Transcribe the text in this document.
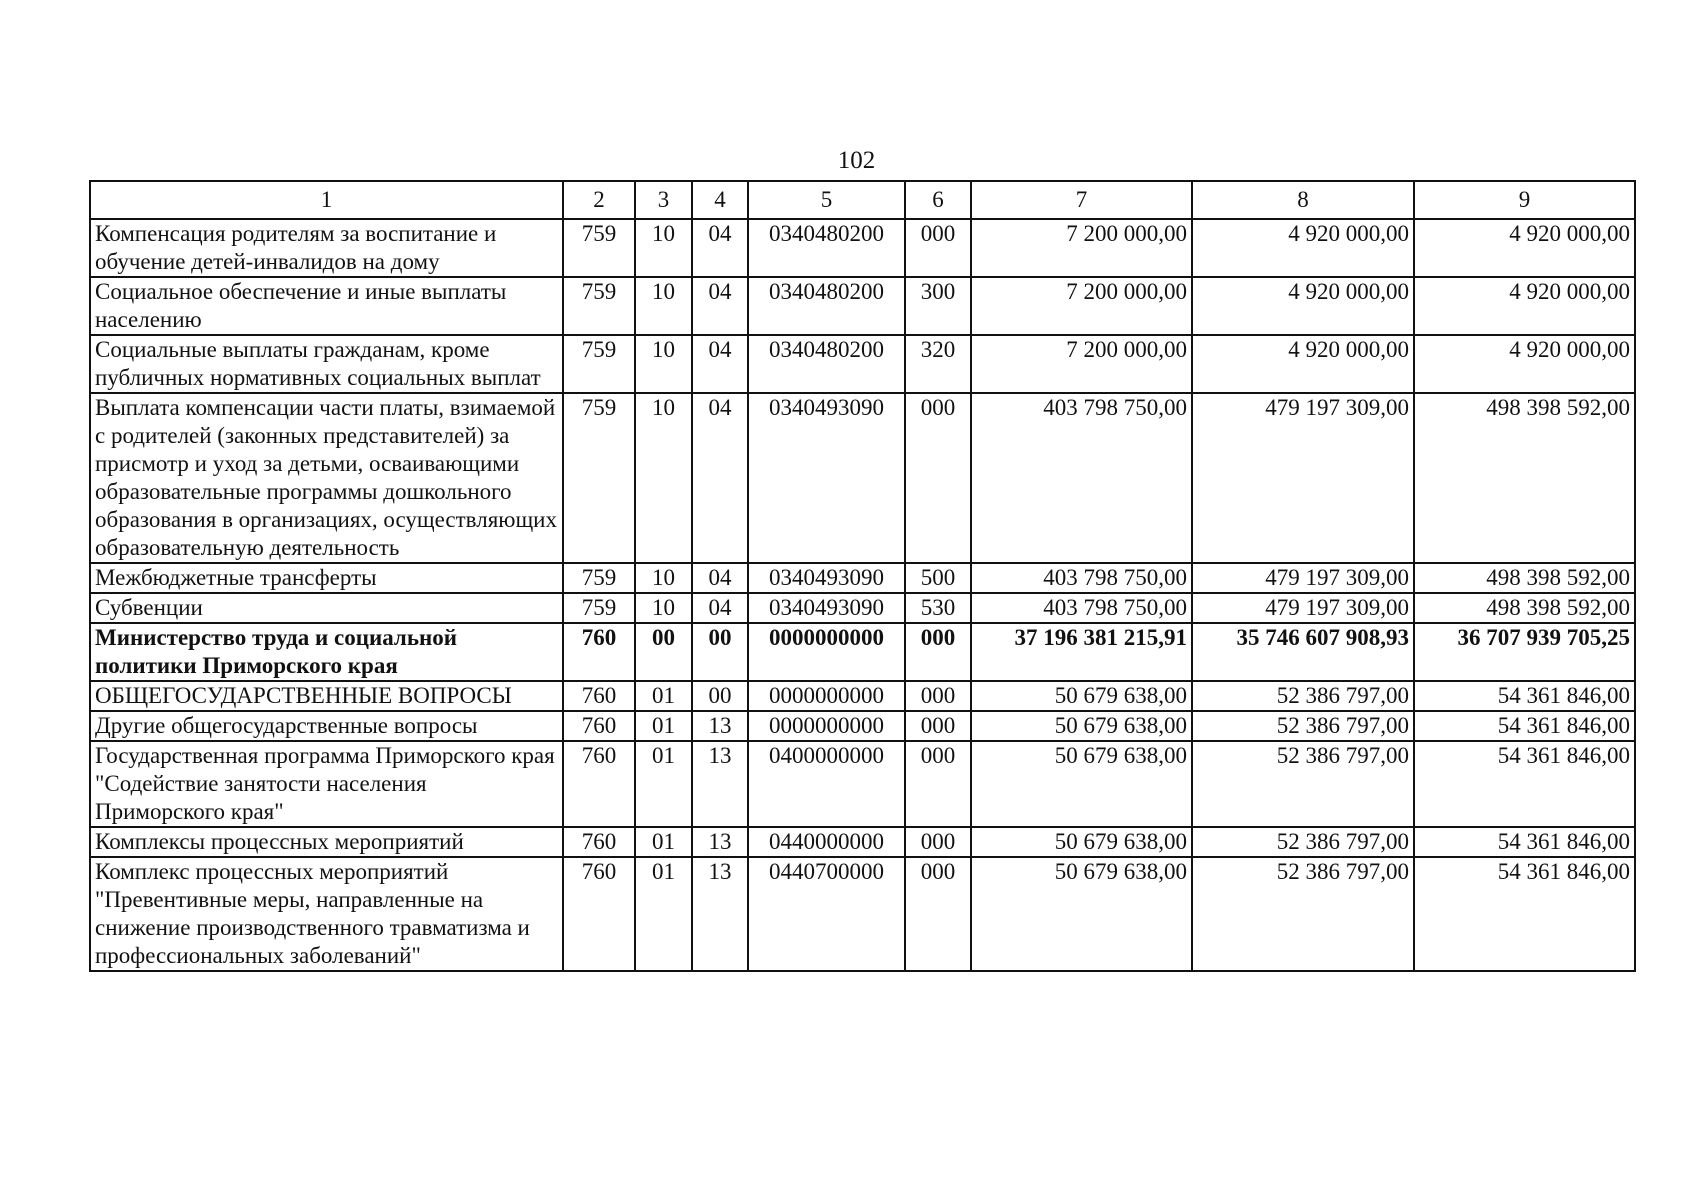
102
1	2	3	4	5	6	7	8	9
Компенсация родителям за воспитание и обучение детей-инвалидов на дому	759	10	04	0340480200	000	7 200 000,00	4 920 000,00	4 920 000,00
Социальное обеспечение и иные выплаты населению	759	10	04	0340480200	300	7 200 000,00	4 920 000,00	4 920 000,00
Социальные выплаты гражданам, кроме публичных нормативных социальных выплат	759	10	04	0340480200	320	7 200 000,00	4 920 000,00	4 920 000,00
Выплата компенсации части платы, взимаемой с родителей (законных представителей) за присмотр и уход за детьми, осваивающими образовательные программы дошкольного образования в организациях, осуществляющих образовательную деятельность	759	10	04	0340493090	000	403 798 750,00	479 197 309,00	498 398 592,00
Межбюджетные трансферты	759	10	04	0340493090	500	403 798 750,00	479 197 309,00	498 398 592,00
Субвенции	759	10	04	0340493090	530	403 798 750,00	479 197 309,00	498 398 592,00
Министерство труда и социальной политики Приморского края	760	00	00	0000000000	000	37 196 381 215,91	35 746 607 908,93	36 707 939 705,25
ОБЩЕГОСУДАРСТВЕННЫЕ ВОПРОСЫ	760	01	00	0000000000	000	50 679 638,00	52 386 797,00	54 361 846,00
Другие общегосударственные вопросы	760	01	13	0000000000	000	50 679 638,00	52 386 797,00	54 361 846,00
Государственная программа Приморского края "Содействие занятости населения Приморского края"	760	01	13	0400000000	000	50 679 638,00	52 386 797,00	54 361 846,00
Комплексы процессных мероприятий	760	01	13	0440000000	000	50 679 638,00	52 386 797,00	54 361 846,00
Комплекс процессных мероприятий "Превентивные меры, направленные на снижение производственного травматизма и профессиональных заболеваний"	760	01	13	0440700000	000	50 679 638,00	52 386 797,00	54 361 846,00
